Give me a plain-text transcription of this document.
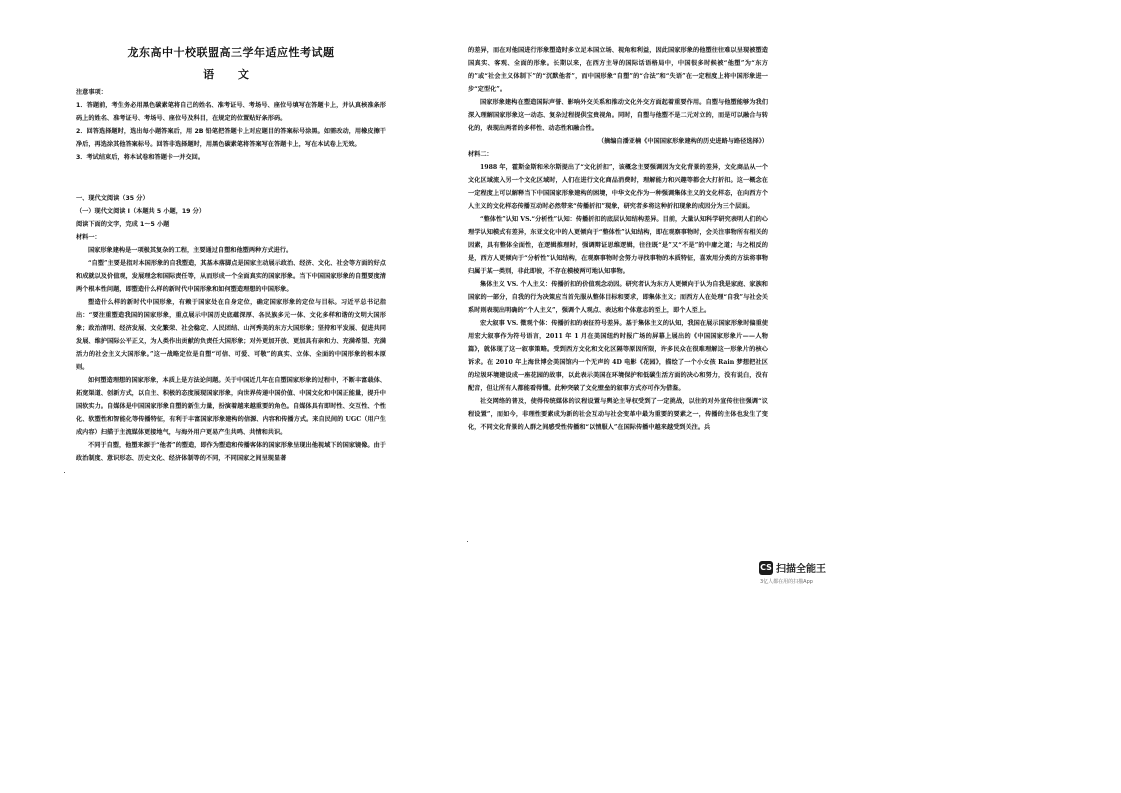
龙东高中十校联盟高三学年适应性考试题
语 文

注意事项：

1．答题前，考生务必用黑色碳素笔将自己的姓名、准考证号、考场号、座位号填写在答题卡上，并认真核准条形码上的姓名、准考证号、考场号、座位号及科目，在规定的位置贴好条形码。

2．回答选择题时，选出每小题答案后，用 2B 铅笔把答题卡上对应题目的答案标号涂黑。如需改动，用橡皮擦干净后，再选涂其他答案标号。回答非选择题时，用黑色碳素笔将答案写在答题卡上，写在本试卷上无效。

3．考试结束后，将本试卷和答题卡一并交回。

一、现代文阅读（35 分）

（一）现代文阅读 I（本题共 5 小题，19 分）

阅读下面的文字，完成 1～5 小题

材料一：

国家形象建构是一项极其复杂的工程，主要通过自塑和他塑两种方式进行。

“自塑”主要是指对本国形象的自我塑造，其基本落脚点是国家主动展示政治、经济、文化、社会等方面的好点和成就以及价值观，发展理念和国际责任等，从而形成一个全面真实的国家形象。当下中国国家形象的自塑要度清两个根本性问题，即塑造什么样的新时代中国形象和如何塑造理想的中国形象。

塑造什么样的新时代中国形象，有赖于国家处在自身定位，确定国家形象的定位与目标。习近平总书记指出：“要注重塑造我国的国家形象，重点展示中国历史底蕴深厚、各民族多元一体、文化多样和谐的文明大国形象；政治清明、经济发展、文化繁荣、社会稳定、人民团结、山河秀美的东方大国形象；坚持和平发展、促进共同发展、维护国际公平正义，为人类作出贡献的负责任大国形象；对外更加开放、更加具有亲和力、充满希望、充满活力的社会主义大国形象。”这一战略定位是自塑“可信、可爱、可敬”的真实、立体、全面的中国形象的根本原则。

如何塑造理想的国家形象，本质上是方法论问题。关于中国近几年在自塑国家形象的过程中，不断丰富载体、拓宽渠道、创新方式，以自主、积极的态度展现国家形象，向世界传递中国价值、中国文化和中国正能量，提升中国软实力。自媒体是中国国家形象自塑的新生力量，扮演着越来越重要的角色。自媒体具有即时性、交互性、个性化、软塑性和智能化等传播特征，有利于丰富国家形象建构的信源、内容和传播方式。来自民间的 UGC（用户生成内容）扫描于主流媒体更接地气，与海外用户更易产生共鸣、共情和共识。

不同于自塑，他塑来源于“他者”的塑造，即作为塑造和传播客体的国家形象呈现出他视域下的国家镜像。由于政治制度、意识形态、历史文化、经济体制等的不同，不同国家之间呈现显著

的差异，而在对他国进行形象塑造时多立足本国立场、视角和利益，因此国家形象的他塑往往难以呈现被塑造国真实、客观、全面的形象。长期以来，在西方主导的国际话语格局中，中国很多时候被“他塑”为“东方的”或“社会主义体制下”的“沉默他者”，而中国形象“自塑”的“合法”和“失语”在一定程度上将中国形象进一步“定型化”。

国家形象建构在塑造国际声誉、影响外交关系和推动文化外交方面起着重要作用。自塑与他塑能够为我们深入理解国家形象这一动态、复杂过程提供宝贵视角。同时，自塑与他塑不是二元对立的，而是可以融合与转化的，表现出两者的多样性、动态性和融合性。

（摘编自潘亚楠《中国国家形象建构的历史进路与路径选择》）

材料二：

1988 年，霍斯金斯和米尔斯提出了“文化折扣”，该概念主要强调因为文化背景的差异，文化商品从一个文化区域流入另一个文化区域时，人们在进行文化商品消费时，理解能力和兴趣等都会大打折扣。这一概念在一定程度上可以解释当下中国国家形象建构的困境，中华文化作为一种强调集体主义的文化样态，在向西方个人主义的文化样态传播互动时必然带来“传播折扣”现象，研究者多将这种折扣现象的成因分为三个层面。

“整体性”认知 VS.“分析性”认知：传播折扣的底层认知结构差异。目前，大量认知科学研究表明人们的心理学认知模式有差异，东亚文化中的人更倾向于“整体性”认知结构，即在观察事物时，会关注事物所有相关的因素，具有整体全面性，在逻辑推理时，强调辩证思维逻辑，往往既“是”又“不是”的中庸之道；与之相反的是，西方人更倾向于“分析性”认知结构，在观察事物时会努力寻找事物的本质特征，喜欢用分类的方法将事物归属于某一类别，非此即彼，不存在模棱两可地认知事物。

集体主义 VS. 个人主义：传播折扣的价值观念动因。研究者认为东方人更倾向于认为自我是家庭、家族和国家的一部分，自我的行为决策应当首先服从整体目标和要求，即集体主义；而西方人在处理“自我”与社会关系时则表现出明确的“个人主义”，强调个人观点、表达和个体意志的至上，即个人至上。

宏大叙事 VS. 微观个体：传播折扣的表征符号差异。基于集体主义的认知，我国在展示国家形象时偏重使用宏大叙事作为符号语言，2011 年 1 月在美国纽约时报广场的屏幕上展出的《中国国家形象片——人物篇》，就体现了这一叙事策略。受到西方文化和文化区隔等原因所限，许多民众在很难理解这一形象片的核心诉求。在 2010 年上海世博会美国馆内一个无声的 4D 电影《花园》，描绘了一个小女孩 Rain 梦想把社区的垃圾环境建设成一座花园的故事，以此表示美国在环境保护和低碳生活方面的决心和努力，没有说白，没有配音，但让所有人都能看得懂。此种突破了文化壁垒的叙事方式亦可作为借鉴。

社交网络的普及，使得传统媒体的议程设置与舆论主导权受到了一定挑战，以往的对外宣传往往强调“议程设置”，而如今，非理性要素成为新的社会互动与社会变革中最为重要的要素之一，传播的主体也发生了变化，不同文化背景的人群之间感受性传播和“以情服人”在国际传播中越来越受到关注。兵

CS 扫描全能王
3亿人都在用的扫描App
